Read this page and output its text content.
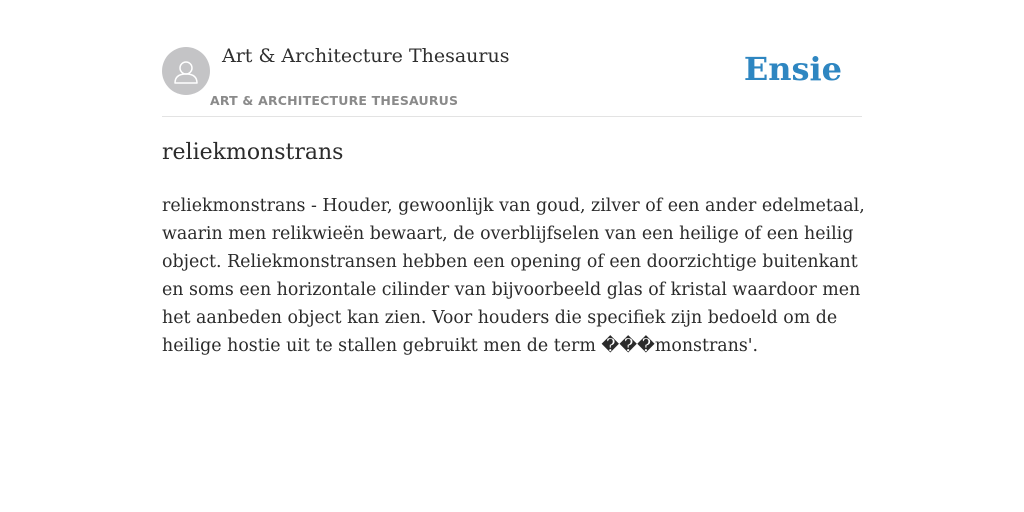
Art & Architecture Thesaurus
ART & ARCHITECTURE THESAURUS
Ensie
reliekmonstrans

reliekmonstrans - Houder, gewoonlijk van goud, zilver of een ander edelmetaal, waarin men relikwieën bewaart, de overblijfselen van een heilige of een heilig object. Reliekmonstransen hebben een opening of een doorzichtige buitenkant en soms een horizontale cilinder van bijvoorbeeld glas of kristal waardoor men het aanbeden object kan zien. Voor houders die specifiek zijn bedoeld om de heilige hostie uit te stallen gebruikt men de term ���monstrans'.
